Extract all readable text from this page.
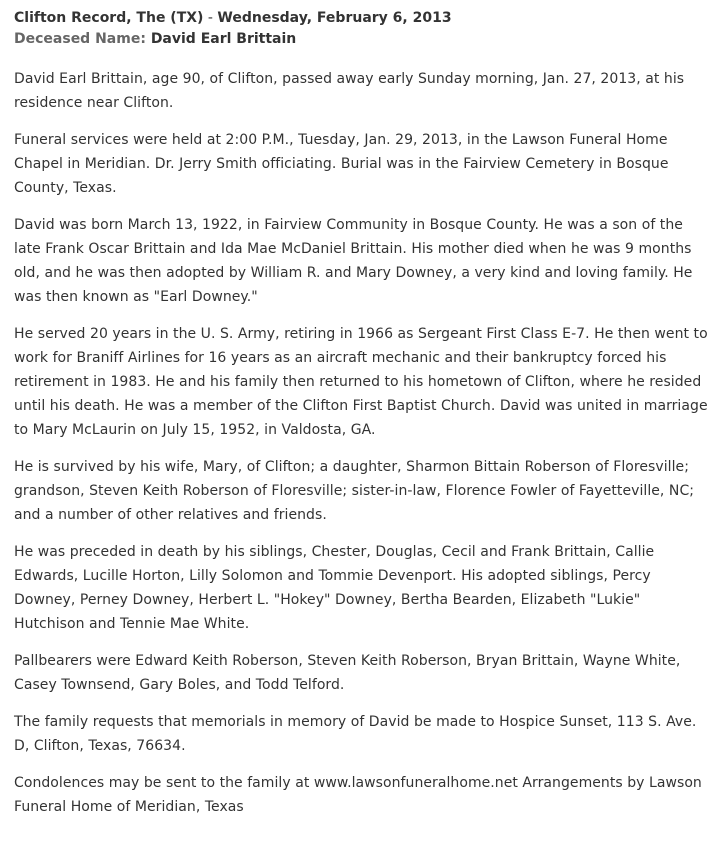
Clifton Record, The (TX) - Wednesday, February 6, 2013
Deceased Name: David Earl Brittain

David Earl Brittain, age 90, of Clifton, passed away early Sunday morning, Jan. 27, 2013, at his residence near Clifton.

Funeral services were held at 2:00 P.M., Tuesday, Jan. 29, 2013, in the Lawson Funeral Home Chapel in Meridian. Dr. Jerry Smith officiating. Burial was in the Fairview Cemetery in Bosque County, Texas.

David was born March 13, 1922, in Fairview Community in Bosque County. He was a son of the late Frank Oscar Brittain and Ida Mae McDaniel Brittain. His mother died when he was 9 months old, and he was then adopted by William R. and Mary Downey, a very kind and loving family. He was then known as "Earl Downey."

He served 20 years in the U. S. Army, retiring in 1966 as Sergeant First Class E-7. He then went to work for Braniff Airlines for 16 years as an aircraft mechanic and their bankruptcy forced his retirement in 1983. He and his family then returned to his hometown of Clifton, where he resided until his death. He was a member of the Clifton First Baptist Church. David was united in marriage to Mary McLaurin on July 15, 1952, in Valdosta, GA.

He is survived by his wife, Mary, of Clifton; a daughter, Sharmon Bittain Roberson of Floresville; grandson, Steven Keith Roberson of Floresville; sister-in-law, Florence Fowler of Fayetteville, NC; and a number of other relatives and friends.

He was preceded in death by his siblings, Chester, Douglas, Cecil and Frank Brittain, Callie Edwards, Lucille Horton, Lilly Solomon and Tommie Devenport. His adopted siblings, Percy Downey, Perney Downey, Herbert L. "Hokey" Downey, Bertha Bearden, Elizabeth "Lukie" Hutchison and Tennie Mae White.

Pallbearers were Edward Keith Roberson, Steven Keith Roberson, Bryan Brittain, Wayne White, Casey Townsend, Gary Boles, and Todd Telford.

The family requests that memorials in memory of David be made to Hospice Sunset, 113 S. Ave. D, Clifton, Texas, 76634.

Condolences may be sent to the family at www.lawsonfuneralhome.net Arrangements by Lawson Funeral Home of Meridian, Texas
